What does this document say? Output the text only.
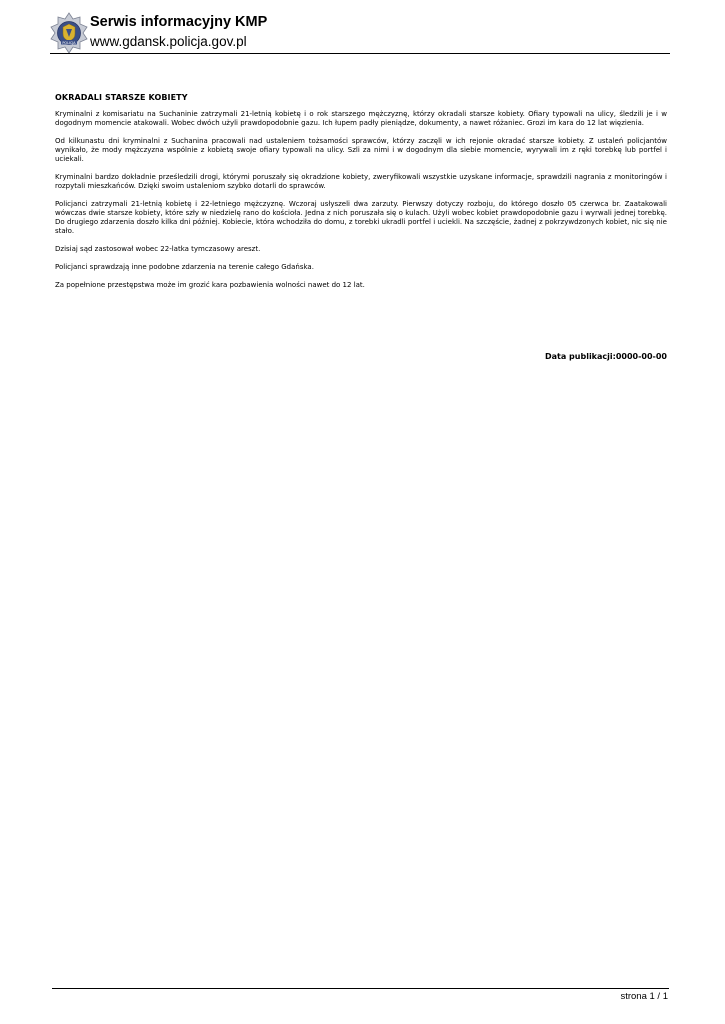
POLICJA
Serwis informacyjny KMP
www.gdansk.policja.gov.pl
OKRADALI STARSZE KOBIETY

Kryminalni z komisariatu na Suchaninie zatrzymali 21-letnią kobietę i o rok starszego mężczyznę, którzy okradali starsze kobiety. Ofiary typowali na ulicy, śledzili je i w dogodnym momencie atakowali. Wobec dwóch użyli prawdopodobnie gazu. Ich łupem padły pieniądze, dokumenty, a nawet różaniec. Grozi im kara do 12 lat więzienia.

Od kilkunastu dni kryminalni z Suchanina pracowali nad ustaleniem tożsamości sprawców, którzy zaczęli w ich rejonie okradać starsze kobiety. Z ustaleń policjantów wynikało, że mody mężczyzna wspólnie z kobietą swoje ofiary typowali na ulicy. Szli za nimi i w dogodnym dla siebie momencie, wyrywali im z ręki torebkę lub portfel i uciekali.

Kryminalni bardzo dokładnie prześledzili drogi, którymi poruszały się okradzione kobiety, zweryfikowali wszystkie uzyskane informacje, sprawdzili nagrania z monitoringów i rozpytali mieszkańców. Dzięki swoim ustaleniom szybko dotarli do sprawców.

Policjanci zatrzymali 21-letnią kobietę i 22-letniego mężczyznę. Wczoraj usłyszeli dwa zarzuty. Pierwszy dotyczy rozboju, do którego doszło 05 czerwca br. Zaatakowali wówczas dwie starsze kobiety, które szły w niedzielę rano do kościoła. Jedna z nich poruszała się o kulach. Użyli wobec kobiet prawdopodobnie gazu i wyrwali jednej torebkę. Do drugiego zdarzenia doszło kilka dni później. Kobiecie, która wchodziła do domu, z torebki ukradli portfel i uciekli. Na szczęście, żadnej z pokrzywdzonych kobiet, nic się nie stało.

Dzisiaj sąd zastosował wobec 22-latka tymczasowy areszt.

Policjanci sprawdzają inne podobne zdarzenia na terenie całego Gdańska.

Za popełnione przestępstwa może im grozić kara pozbawienia wolności nawet do 12 lat.

Data publikacji:0000-00-00
strona 1 / 1
